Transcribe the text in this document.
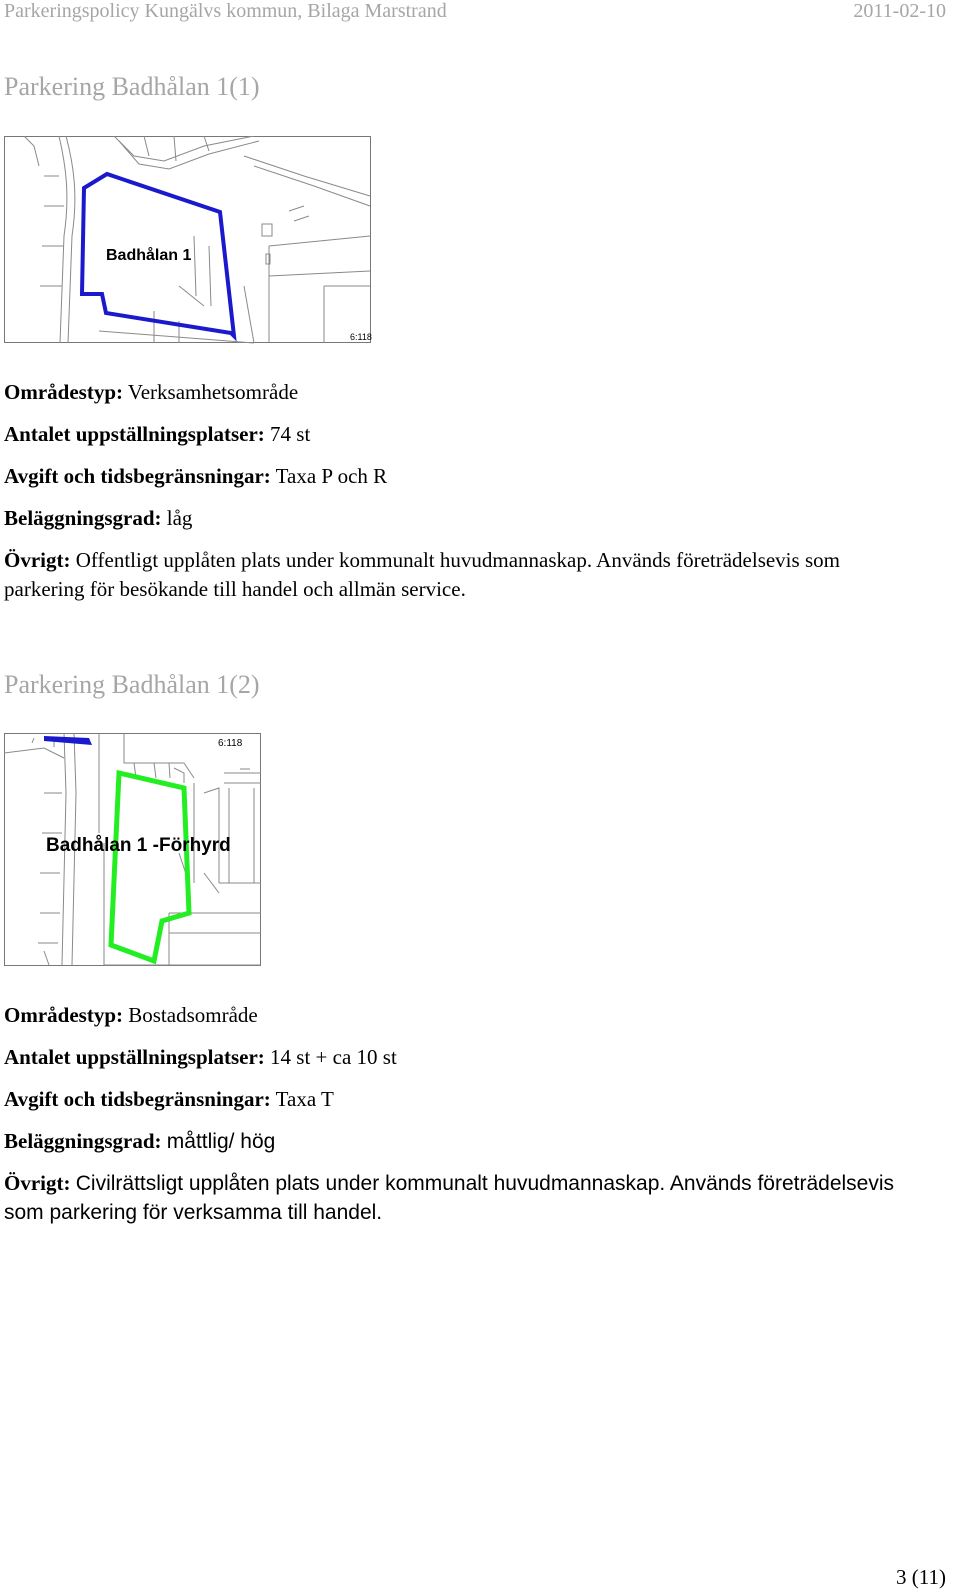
Parkeringspolicy Kungälvs kommun, Bilaga Marstrand	2011-02-10
Parkering Badhålan 1(1)
Badhålan 1
6:118
Områdestyp: Verksamhetsområde
Antalet uppställningsplatser: 74 st
Avgift och tidsbegränsningar: Taxa P och R
Beläggningsgrad: låg
Övrigt: Offentligt upplåten plats under kommunalt huvudmannaskap. Används företrädelsevis som parkering för besökande till handel och allmän service.
Parkering Badhålan 1(2)
6:118
Badhålan 1 -Förhyrd
Områdestyp: Bostadsområde
Antalet uppställningsplatser: 14 st + ca 10 st
Avgift och tidsbegränsningar: Taxa T
Beläggningsgrad: måttlig/ hög
Övrigt: Civilrättsligt upplåten plats under kommunalt huvudmannaskap. Används företrädelsevis som parkering för verksamma till handel.
3 (11)
